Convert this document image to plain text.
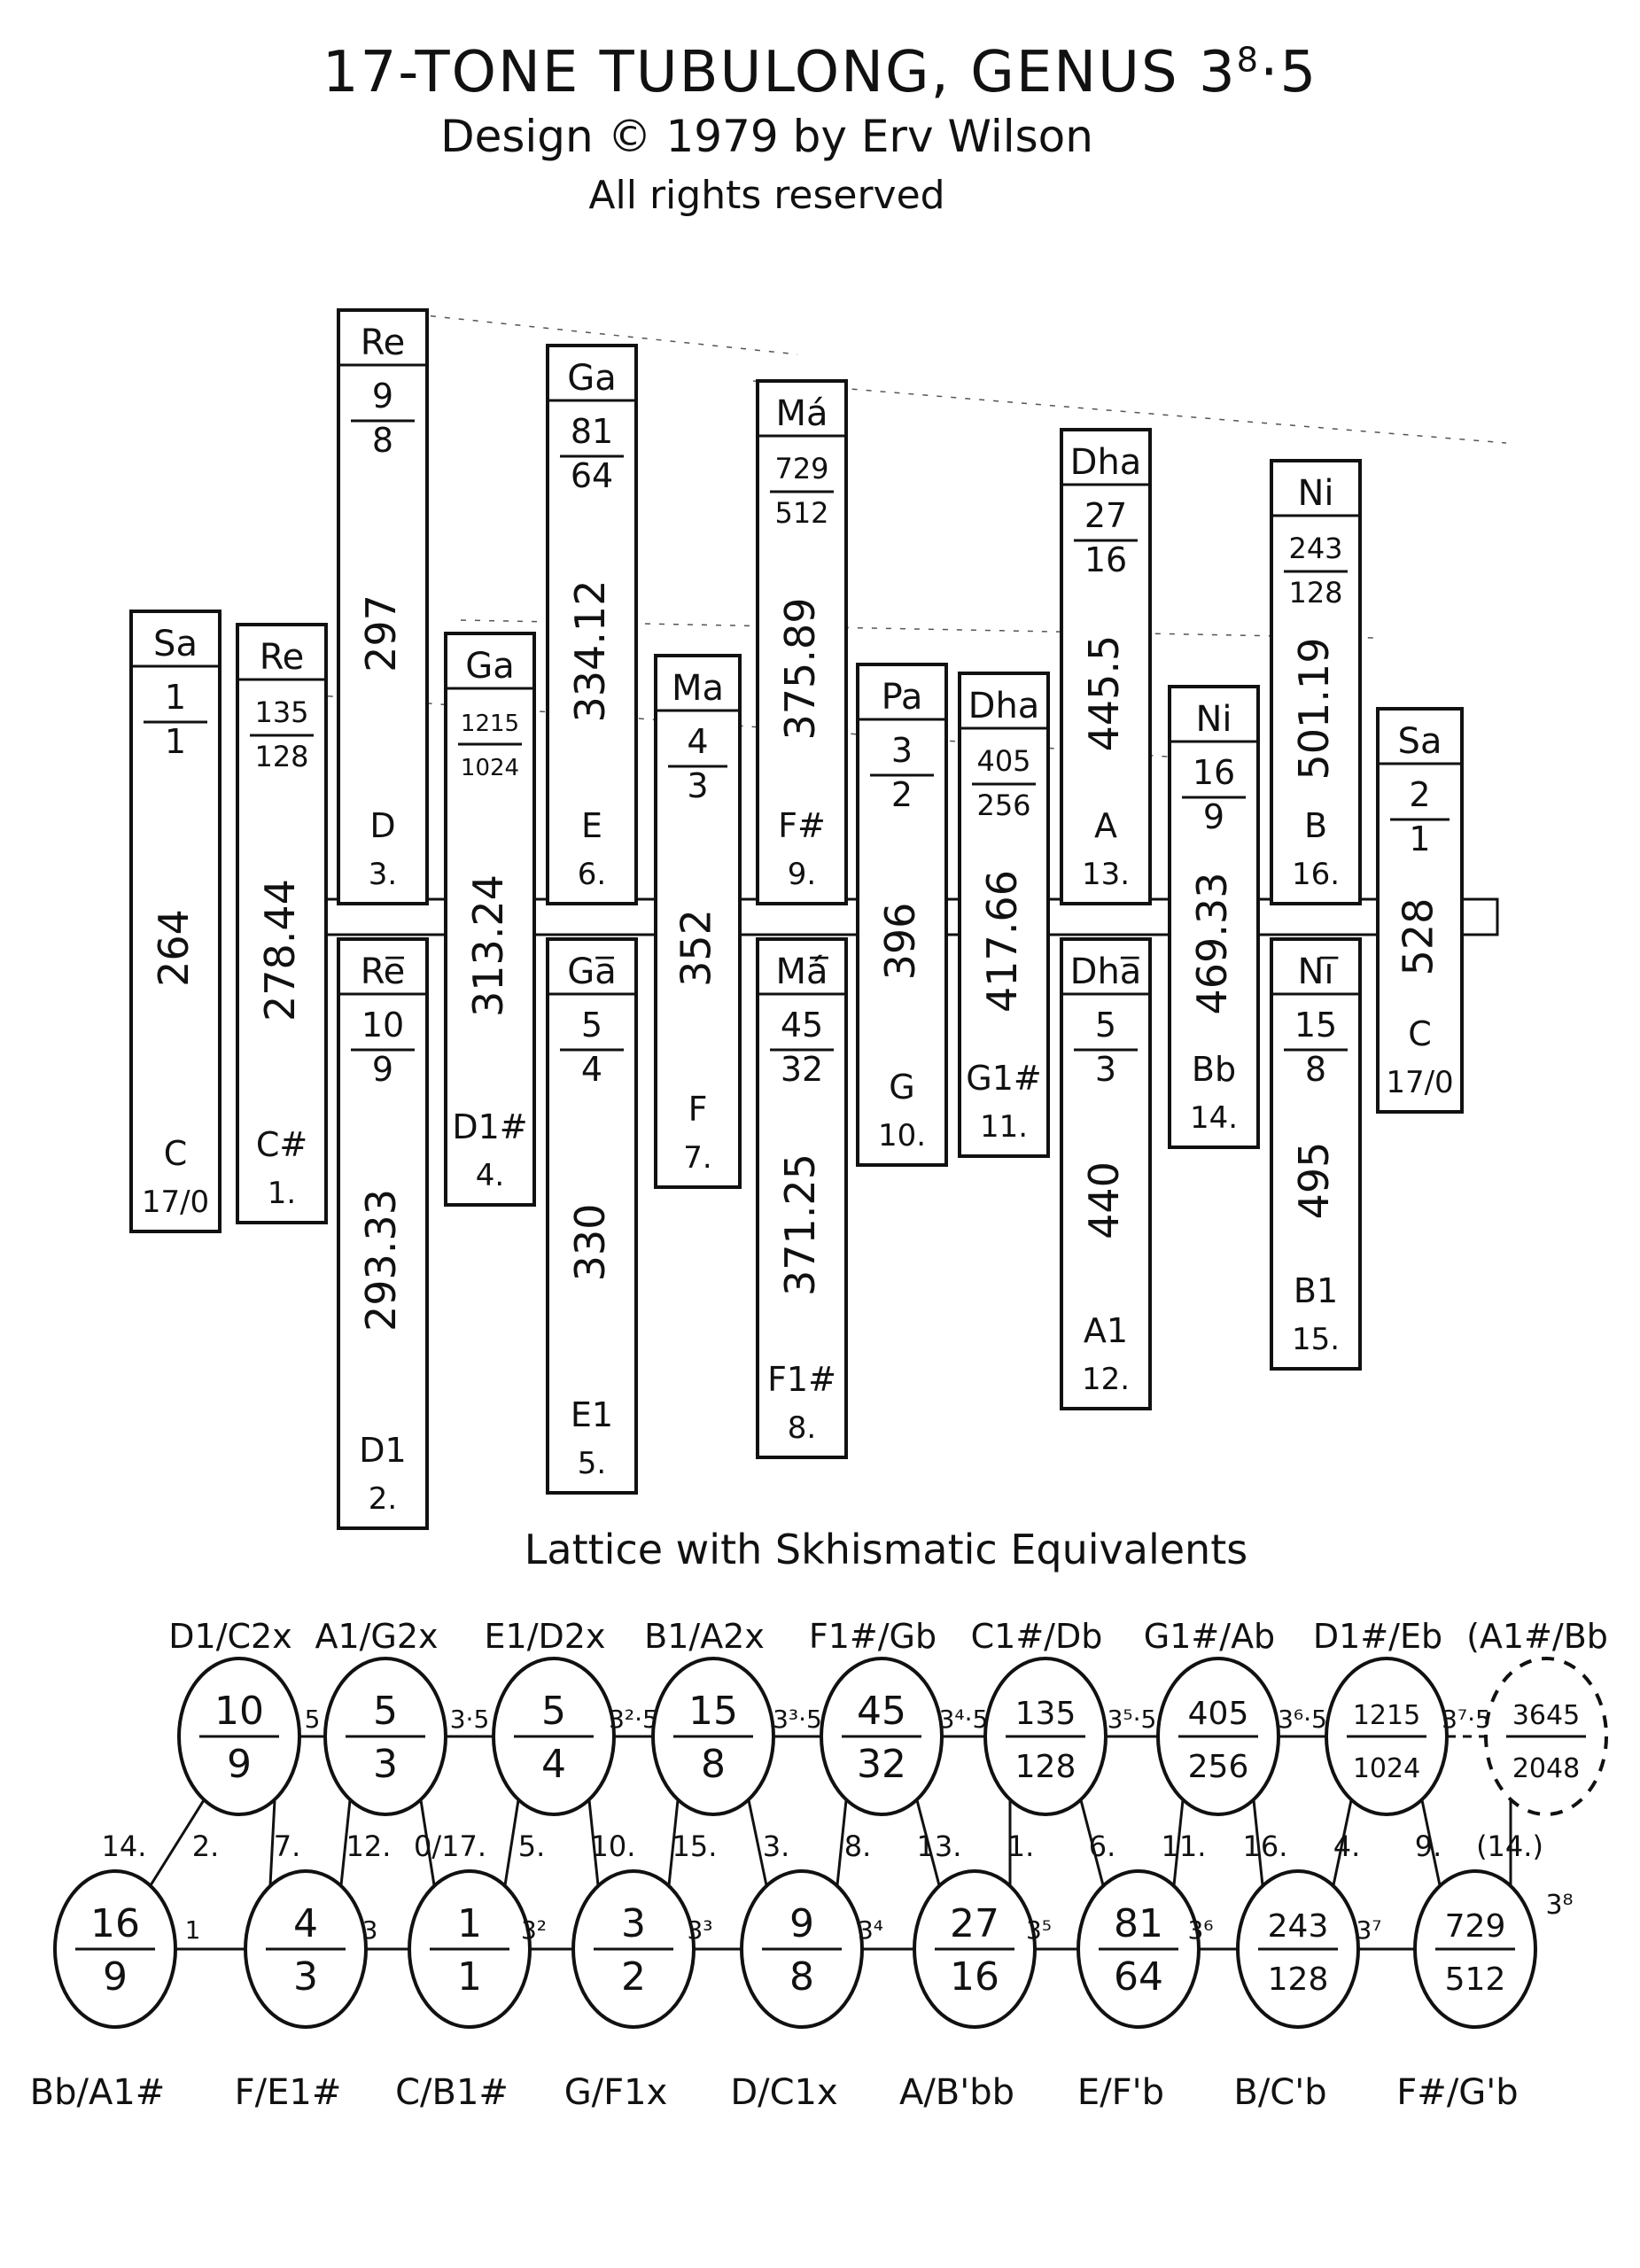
17-TONE TUBULONG, GENUS $3^8\cdot 5$
Design © 1979 by Erv Wilson
All rights reserved
Sa
1
1
264
C
17/0
Re
135
128
278.44
C#
1.
Re
9
8
297
D
3.
Re̅
10
9
293.33
D1
2.
Ga
1215
1024
313.24
D1#
4.
Ga
81
64
334.12
E
6.
Ga̅
5
4
330
E1
5.
Ma
4
3
352
F
7.
Má
729
512
375.89
F#
9.
Má̅
45
32
371.25
F1#
8.
Pa
3
2
396
G
10.
Dha
405
256
417.66
G1#
11.
Dha
27
16
445.5
A
13.
Dha̅
5
3
440
A1
12.
Ni
16
9
469.33
Bb
14.
Ni
243
128
501.19
B
16.
Ni̅
15
8
495
B1
15.
Sa
2
1
528
C
17/0
10
9
5
3
5
4
15
8
45
32
135
128
405
256
1215
1024
3645
2048
16
9
4
3
1
1
3
2
9
8
27
16
81
64
243
128
729
512
Lattice with Skhismatic Equivalents
5	3·5	3²·5	3³·5	3⁴·5	3⁵·5	3⁶·5	3⁷·5
1	3	3²	3³	3⁴	3⁵	3⁶	3⁷
3⁸
14. 2. 7. 12. 0/17. 5. 10. 15. 3. 8. 13. 1. 6. 11. 16. 4. 9. (14.)
D1/C2x A1/G2x E1/D2x B1/A2x F1#/Gb C1#/Db G1#/Ab D1#/Eb (A1#/Bb
Bb/A1# F/E1# C/B1# G/F1x D/C1x A/B'bb E/F'b B/C'b F#/G'b
